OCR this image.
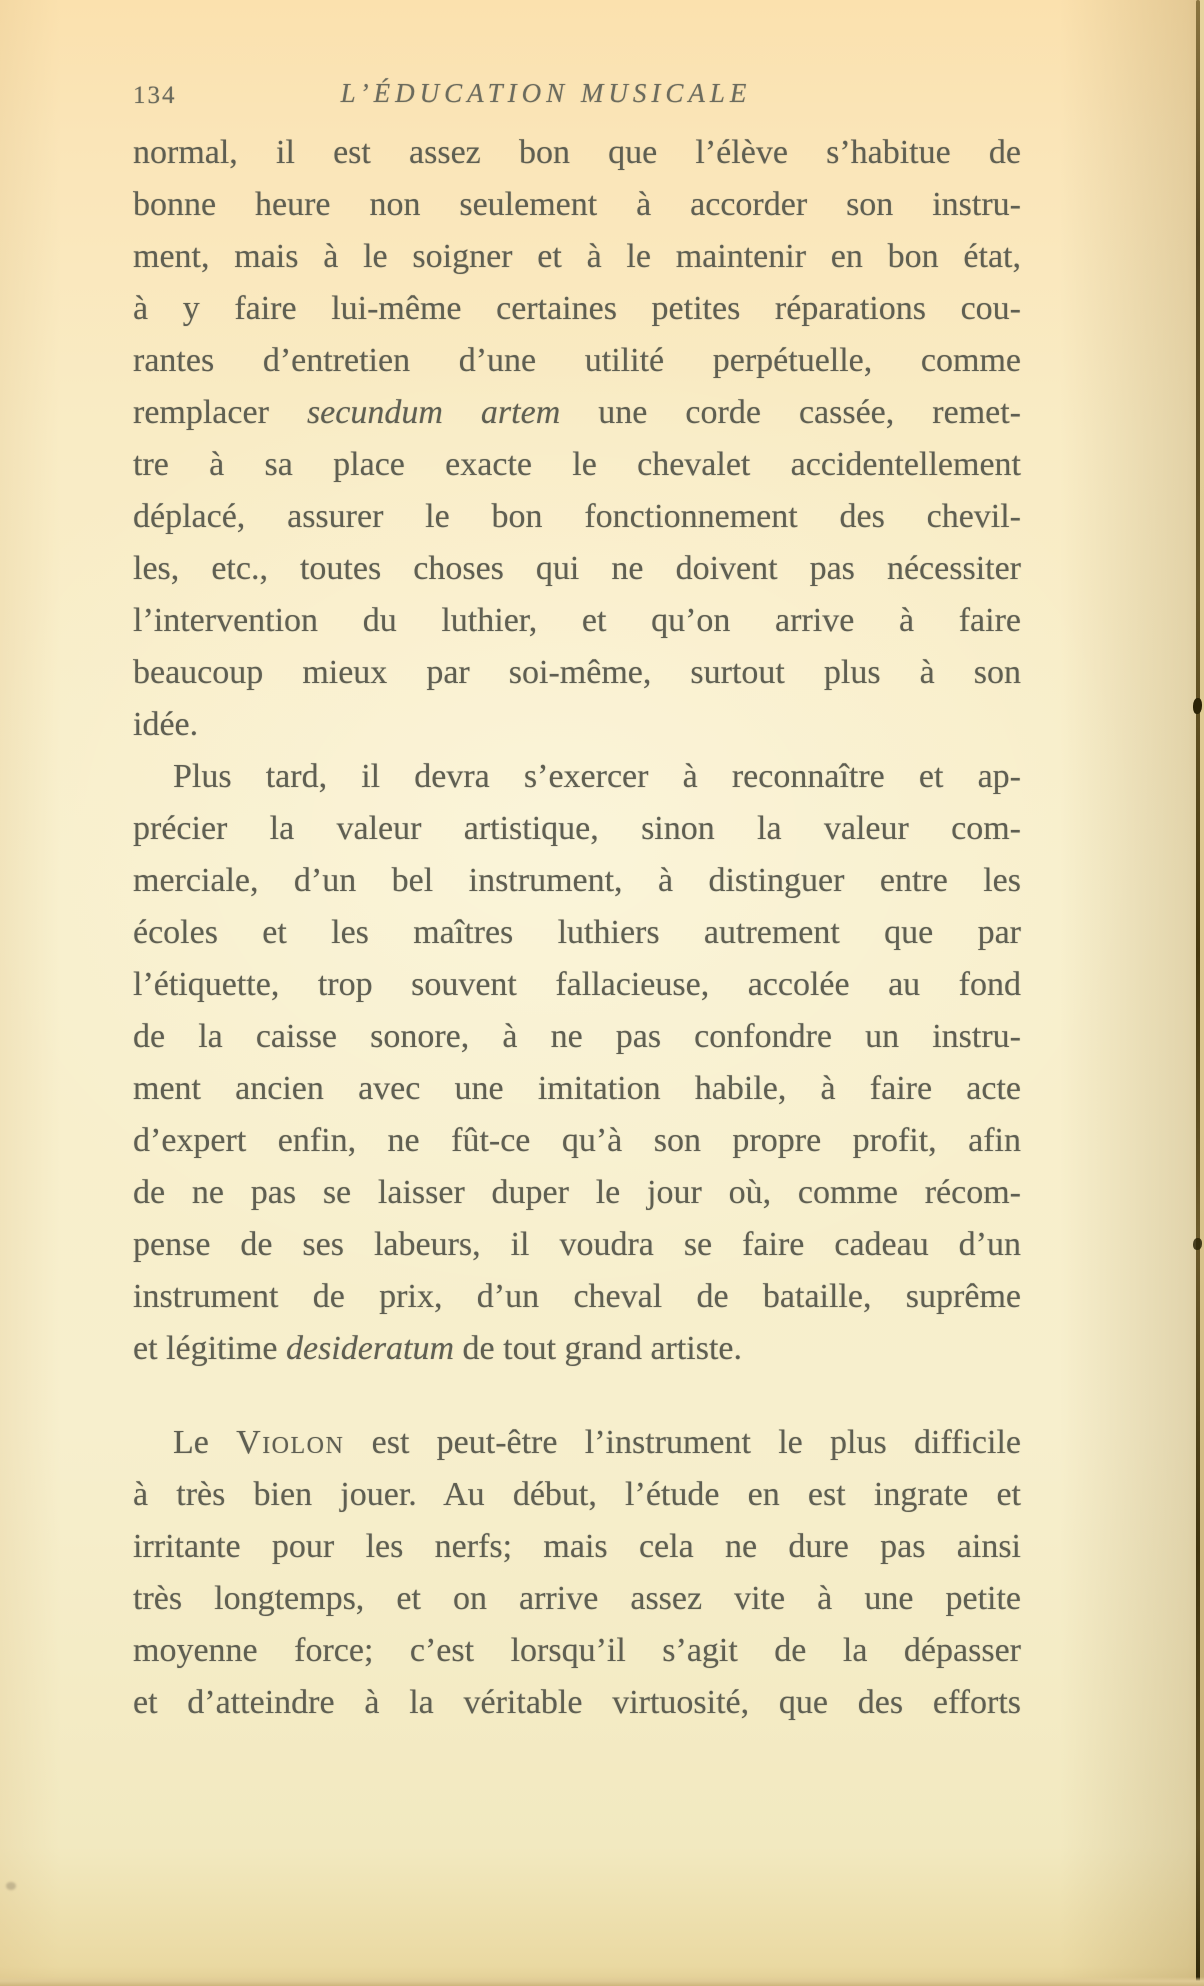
134	L’ÉDUCATION MUSICALE
normal, il est assez bon que l’élève s’habitue de
bonne heure non seulement à accorder son instru-
ment, mais à le soigner et à le maintenir en bon état,
à y faire lui-même certaines petites réparations cou-
rantes d’entretien d’une utilité perpétuelle, comme
remplacer secundum artem une corde cassée, remet-
tre à sa place exacte le chevalet accidentellement
déplacé, assurer le bon fonctionnement des chevil-
les, etc., toutes choses qui ne doivent pas nécessiter
l’intervention du luthier, et qu’on arrive à faire
beaucoup mieux par soi-même, surtout plus à son
idée.
Plus tard, il devra s’exercer à reconnaître et ap-
précier la valeur artistique, sinon la valeur com-
merciale, d’un bel instrument, à distinguer entre les
écoles et les maîtres luthiers autrement que par
l’étiquette, trop souvent fallacieuse, accolée au fond
de la caisse sonore, à ne pas confondre un instru-
ment ancien avec une imitation habile, à faire acte
d’expert enfin, ne fût-ce qu’à son propre profit, afin
de ne pas se laisser duper le jour où, comme récom-
pense de ses labeurs, il voudra se faire cadeau d’un
instrument de prix, d’un cheval de bataille, suprême
et légitime desideratum de tout grand artiste.
Le Violon est peut-être l’instrument le plus difficile
à très bien jouer. Au début, l’étude en est ingrate et
irritante pour les nerfs; mais cela ne dure pas ainsi
très longtemps, et on arrive assez vite à une petite
moyenne force; c’est lorsqu’il s’agit de la dépasser
et d’atteindre à la véritable virtuosité, que des efforts
